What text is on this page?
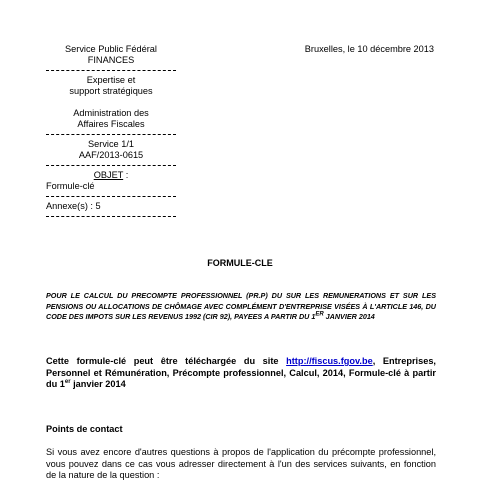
Service Public Fédéral
FINANCES
Expertise et
support stratégiques
Administration des
Affaires Fiscales
Service 1/1
AAF/2013-0615
OBJET :
Formule-clé
Annexe(s) : 5
Bruxelles, le 10 décembre 2013
FORMULE-CLE
POUR LE CALCUL DU PRECOMPTE PROFESSIONNEL (PR.P) DU SUR LES REMUNERATIONS ET SUR LES PENSIONS OU ALLOCATIONS DE CHÔMAGE AVEC COMPLÉMENT D'ENTREPRISE VISÉES À L'ARTICLE 146, DU CODE DES IMPOTS SUR LES REVENUS 1992 (CIR 92), PAYEES A PARTIR DU 1ER JANVIER 2014
Cette formule-clé peut être téléchargée du site http://fiscus.fgov.be, Entreprises, Personnel et Rémunération, Précompte professionnel, Calcul, 2014, Formule-clé à partir du 1er janvier 2014
Points de contact
Si vous avez encore d'autres questions à propos de l'application du précompte professionnel, vous pouvez dans ce cas vous adresser directement à l'un des services suivants, en fonction de la nature de la question :
